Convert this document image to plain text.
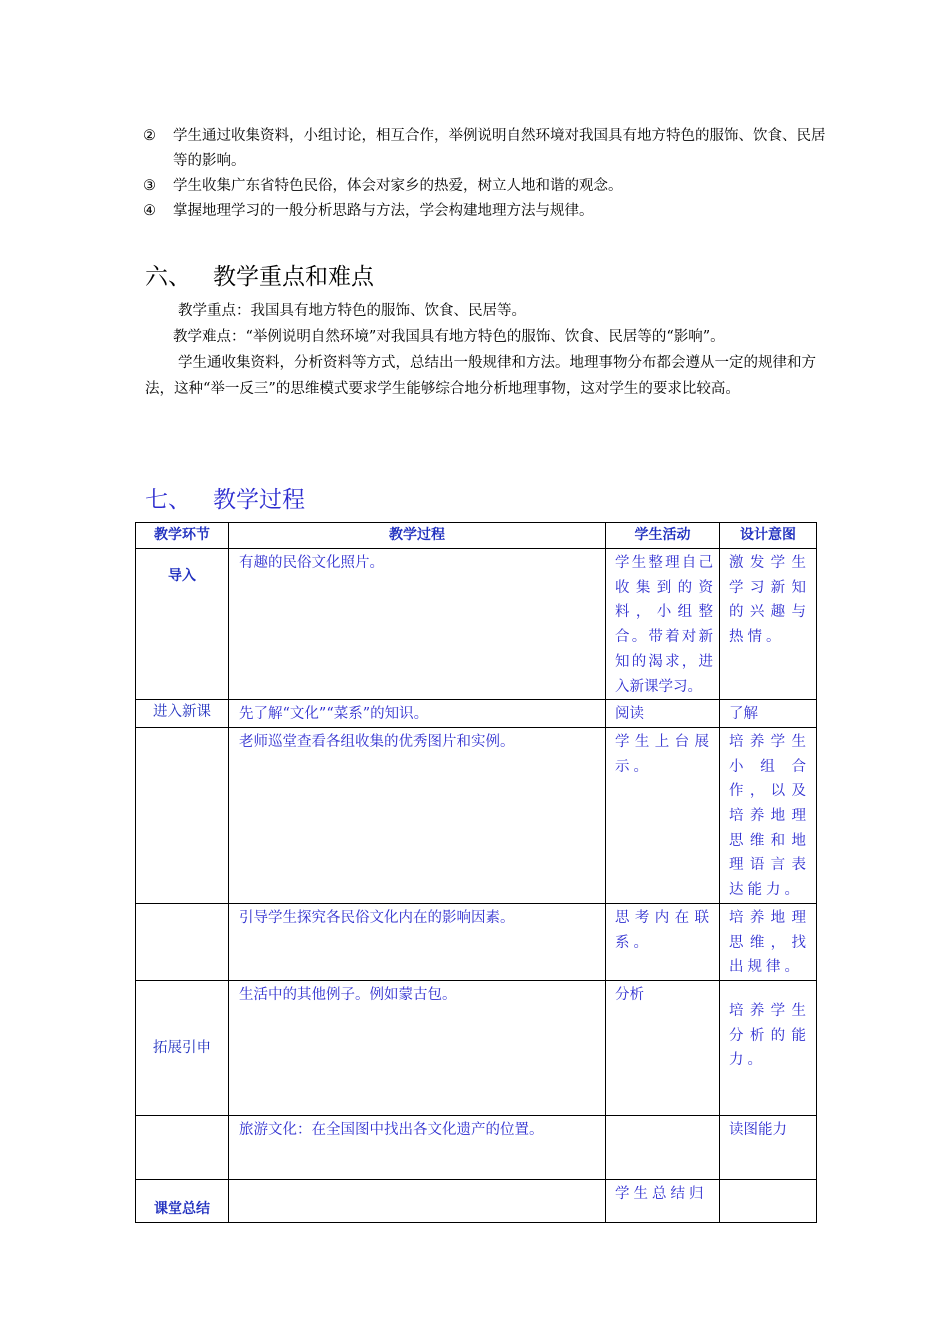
②	学生通过收集资料，小组讨论，相互合作，举例说明自然环境对我国具有地方特色的服饰、饮食、民居等的影响。
③	学生收集广东省特色民俗，体会对家乡的热爱，树立人地和谐的观念。
④	掌握地理学习的一般分析思路与方法，学会构建地理方法与规律。
六、 教学重点和难点

教学重点：我国具有地方特色的服饰、饮食、民居等。

教学难点：“举例说明自然环境”对我国具有地方特色的服饰、饮食、民居等的“影响”。

学生通收集资料，分析资料等方式，总结出一般规律和方法。地理事物分布都会遵从一定的规律和方法，这种“举一反三”的思维模式要求学生能够综合地分析地理事物，这对学生的要求比较高。

七、 教学过程
教学环节	教学过程	学生活动	设计意图
导入	有趣的民俗文化照片。	学生整理自己收集到的资料，小组整合。带着对新知的渴求，进入新课学习。	激发学生学习新知的兴趣与热情。
进入新课	先了解“文化”“菜系”的知识。	阅读	了解
	老师巡堂查看各组收集的优秀图片和实例。	学生上台展示。	培养学生小组合作，以及培养地理思维和地理语言表达能力。
	引导学生探究各民俗文化内在的影响因素。	思考内在联系。	培养地理思维，找出规律。
拓展引申	生活中的其他例子。例如蒙古包。	分析	培养学生分析的能力。
	旅游文化：在全国图中找出各文化遗产的位置。		读图能力
课堂总结		学生总结归	
